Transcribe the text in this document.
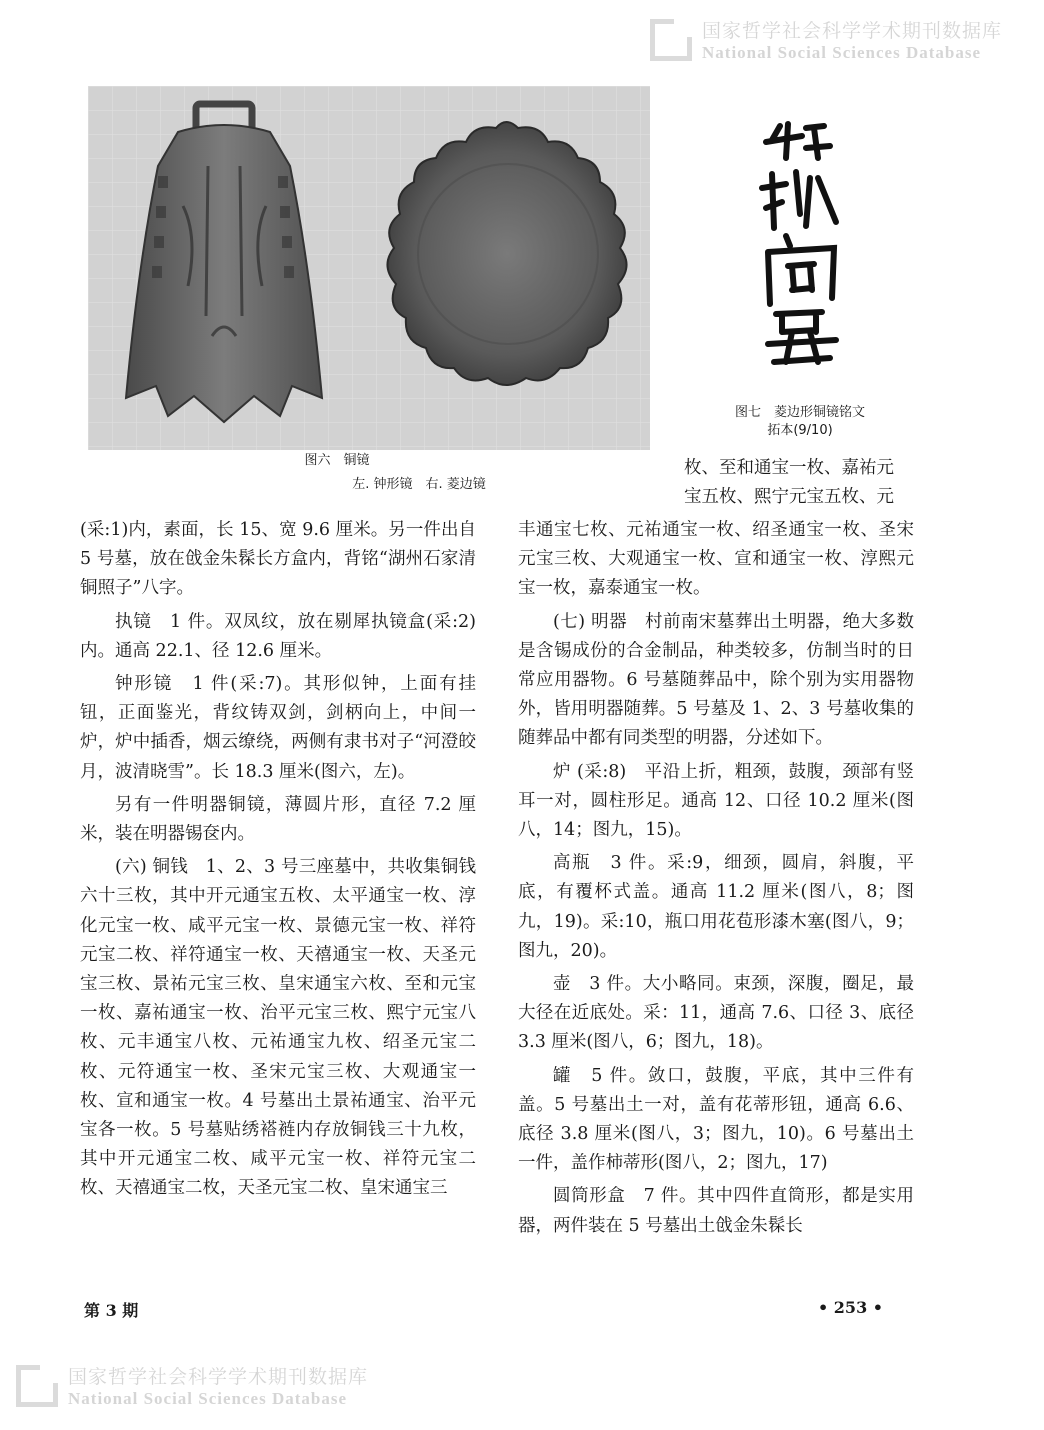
国家哲学社会科学学术期刊数据库
National Social Sciences Database
图六　铜镜
左. 钟形镜　右. 菱边镜
图七　菱边形铜镜铭文
拓本(9/10)

枚、至和通宝一枚、嘉祐元

宝五枚、熙宁元宝五枚、元

(采:1)内，素面，长 15、宽 9.6 厘米。另一件出自 5 号墓，放在戗金朱髹长方盒内，背铭“湖州石家清铜照子”八字。

执镜　1 件。双凤纹，放在剔犀执镜盒(采:2)内。通高 22.1、径 12.6 厘米。

钟形镜　1 件(采:7)。其形似钟，上面有挂钮，正面鉴光，背纹铸双剑，剑柄向上，中间一炉，炉中插香，烟云缭绕，两侧有隶书对子“河澄皎月，波清晓雪”。长 18.3 厘米(图六，左)。

另有一件明器铜镜，薄圆片形，直径 7.2 厘米，装在明器锡奁内。

(六) 铜钱　1、2、3 号三座墓中，共收集铜钱六十三枚，其中开元通宝五枚、太平通宝一枚、淳化元宝一枚、咸平元宝一枚、景德元宝一枚、祥符元宝二枚、祥符通宝一枚、天禧通宝一枚、天圣元宝三枚、景祐元宝三枚、皇宋通宝六枚、至和元宝一枚、嘉祐通宝一枚、治平元宝三枚、熙宁元宝八枚、元丰通宝八枚、元祐通宝九枚、绍圣元宝二枚、元符通宝一枚、圣宋元宝三枚、大观通宝一枚、宣和通宝一枚。4 号墓出土景祐通宝、治平元宝各一枚。5 号墓贴绣褡裢内存放铜钱三十九枚，其中开元通宝二枚、咸平元宝一枚、祥符元宝二枚、天禧通宝二枚，天圣元宝二枚、皇宋通宝三

丰通宝七枚、元祐通宝一枚、绍圣通宝一枚、圣宋元宝三枚、大观通宝一枚、宣和通宝一枚、淳熙元宝一枚，嘉泰通宝一枚。

(七) 明器　村前南宋墓葬出土明器，绝大多数是含锡成份的合金制品，种类较多，仿制当时的日常应用器物。6 号墓随葬品中，除个别为实用器物外，皆用明器随葬。5 号墓及 1、2、3 号墓收集的随葬品中都有同类型的明器，分述如下。

炉 (采:8)　平沿上折，粗颈，鼓腹，颈部有竖耳一对，圆柱形足。通高 12、口径 10.2 厘米(图八，14；图九，15)。

高瓶　3 件。采:9，细颈，圆肩，斜腹，平底，有覆杯式盖。通高 11.2 厘米(图八，8；图九，19)。采:10，瓶口用花苞形漆木塞(图八，9；图九，20)。

壶　3 件。大小略同。束颈，深腹，圈足，最大径在近底处。采：11，通高 7.6、口径 3、底径 3.3 厘米(图八，6；图九，18)。

罐　5 件。敛口，鼓腹，平底，其中三件有盖。5 号墓出土一对，盖有花蒂形钮，通高 6.6、底径 3.8 厘米(图八，3；图九，10)。6 号墓出土一件，盖作柿蒂形(图八，2；图九，17)

圆筒形盒　7 件。其中四件直筒形，都是实用器，两件装在 5 号墓出土戗金朱髹长

第 3 期	• 253 •
国家哲学社会科学学术期刊数据库
National Social Sciences Database
